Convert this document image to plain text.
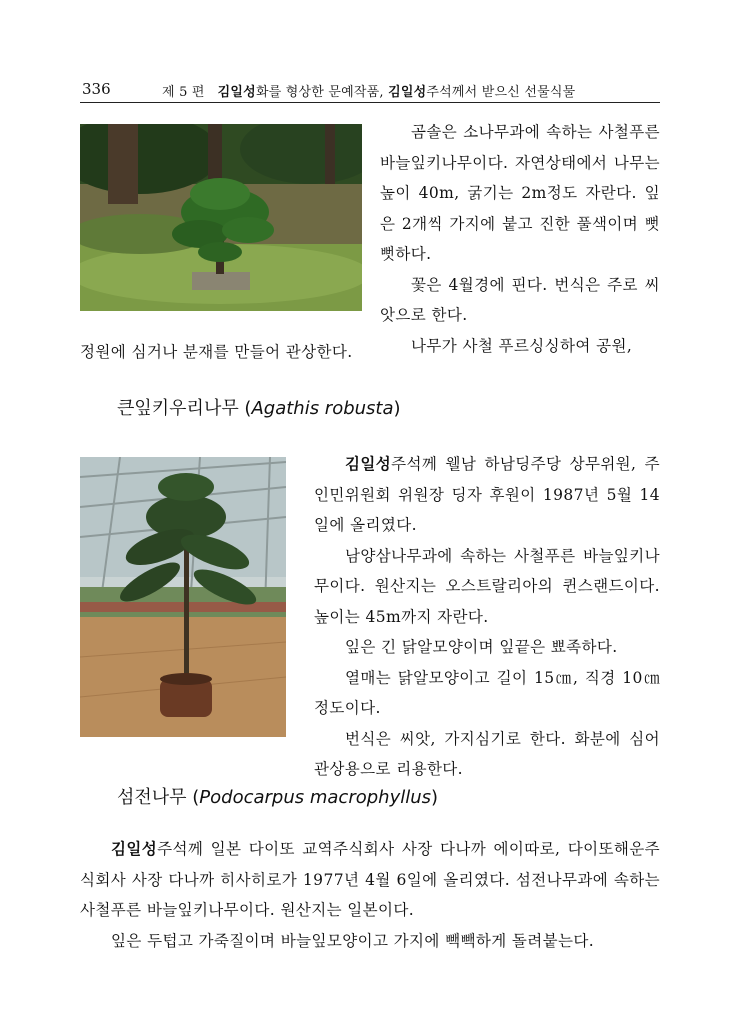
336	제 5 편 김일성화를 형상한 문예작품, 김일성주석께서 받으신 선물식물

곰솔은 소나무과에 속하는 사철푸른 바늘잎키나무이다. 자연상태에서 나무는 높이 40m, 굵기는 2m정도 자란다. 잎은 2개씩 가지에 붙고 진한 풀색이며 뻣뻣하다.

꽃은 4월경에 핀다. 번식은 주로 씨앗으로 한다.

나무가 사철 푸르싱싱하여 공원,

정원에 심거나 분재를 만들어 관상한다.

큰잎키우리나무 (Agathis robusta)

김일성주석께 웰남 하남딩주당 상무위원, 주인민위원회 위원장 딩자 후원이 1987년 5월 14일에 올리였다.

남양삼나무과에 속하는 사철푸른 바늘잎키나무이다. 원산지는 오스트랄리아의 퀸스랜드이다. 높이는 45m까지 자란다.

잎은 긴 닭알모양이며 잎끝은 뾰족하다.

열매는 닭알모양이고 길이 15㎝, 직경 10㎝정도이다.

번식은 씨앗, 가지심기로 한다. 화분에 심어 관상용으로 리용한다.

섬전나무 (Podocarpus macrophyllus)

김일성주석께 일본 다이또 교역주식회사 사장 다나까 에이따로, 다이또해운주식회사 사장 다나까 히사히로가 1977년 4월 6일에 올리였다. 섬전나무과에 속하는 사철푸른 바늘잎키나무이다. 원산지는 일본이다.

잎은 두텁고 가죽질이며 바늘잎모양이고 가지에 빽빽하게 돌려붙는다.
